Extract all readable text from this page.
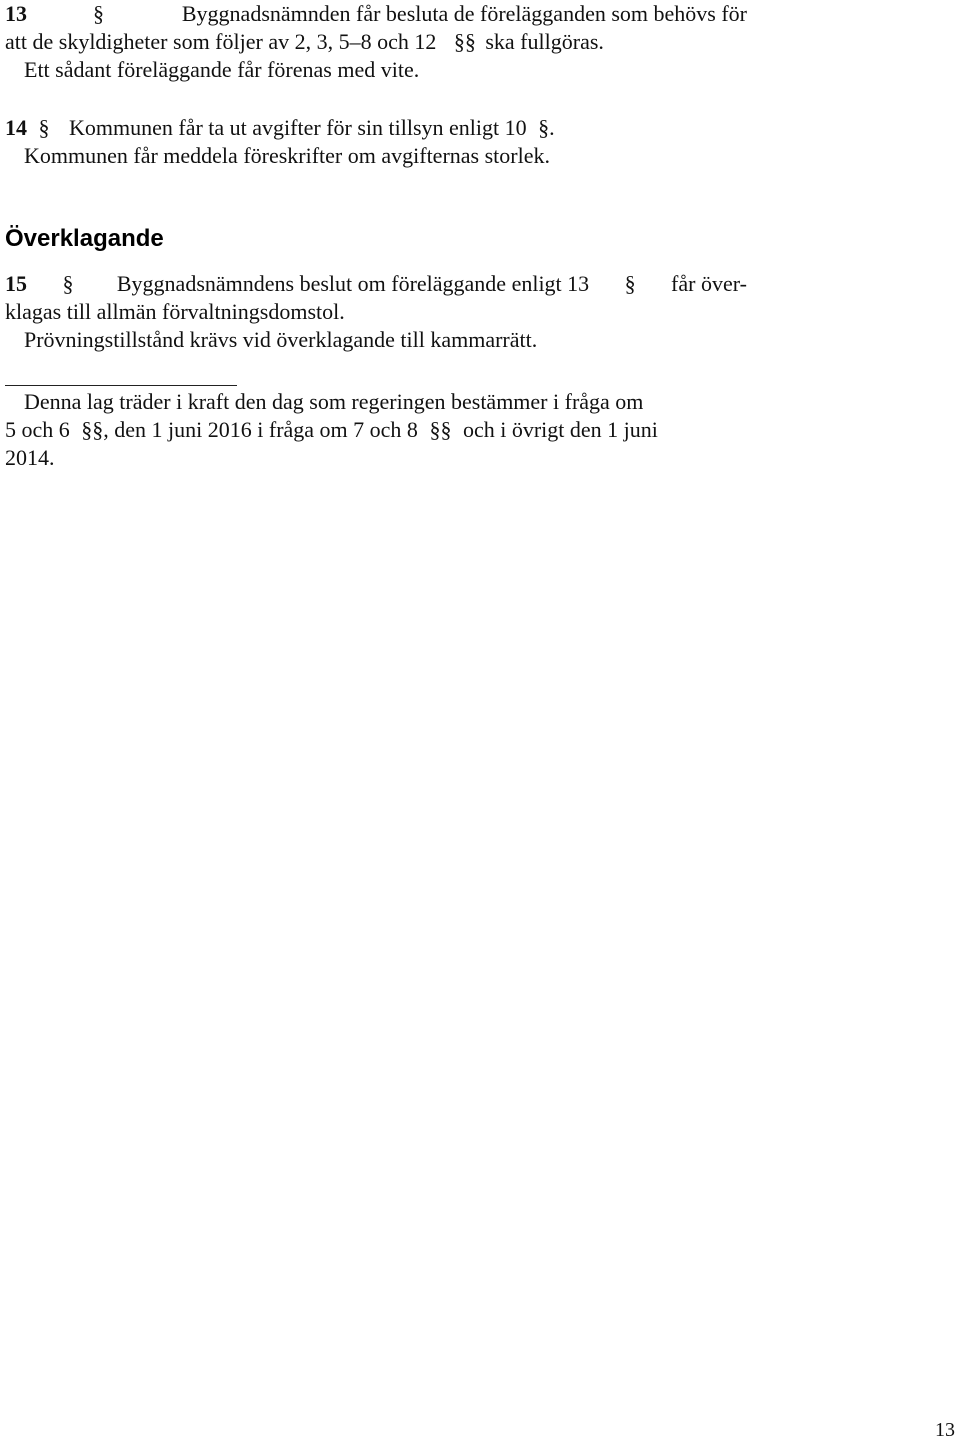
13	§	Byggnadsnämnden får besluta de förelägganden som behövs för
att de skyldigheter som följer av 2, 3, 5–8 och 12 §§ ska fullgöras.
Ett sådant föreläggande får förenas med vite.
14 § Kommunen får ta ut avgifter för sin tillsyn enligt 10 §.
Kommunen får meddela föreskrifter om avgifternas storlek.
Överklagande
15 § Byggnadsnämndens beslut om föreläggande enligt 13 § får över-
klagas till allmän förvaltningsdomstol.
Prövningstillstånd krävs vid överklagande till kammarrätt.
Denna lag träder i kraft den dag som regeringen bestämmer i fråga om
5 och 6 §§, den 1 juni 2016 i fråga om 7 och 8 §§ och i övrigt den 1 juni
2014.
13
